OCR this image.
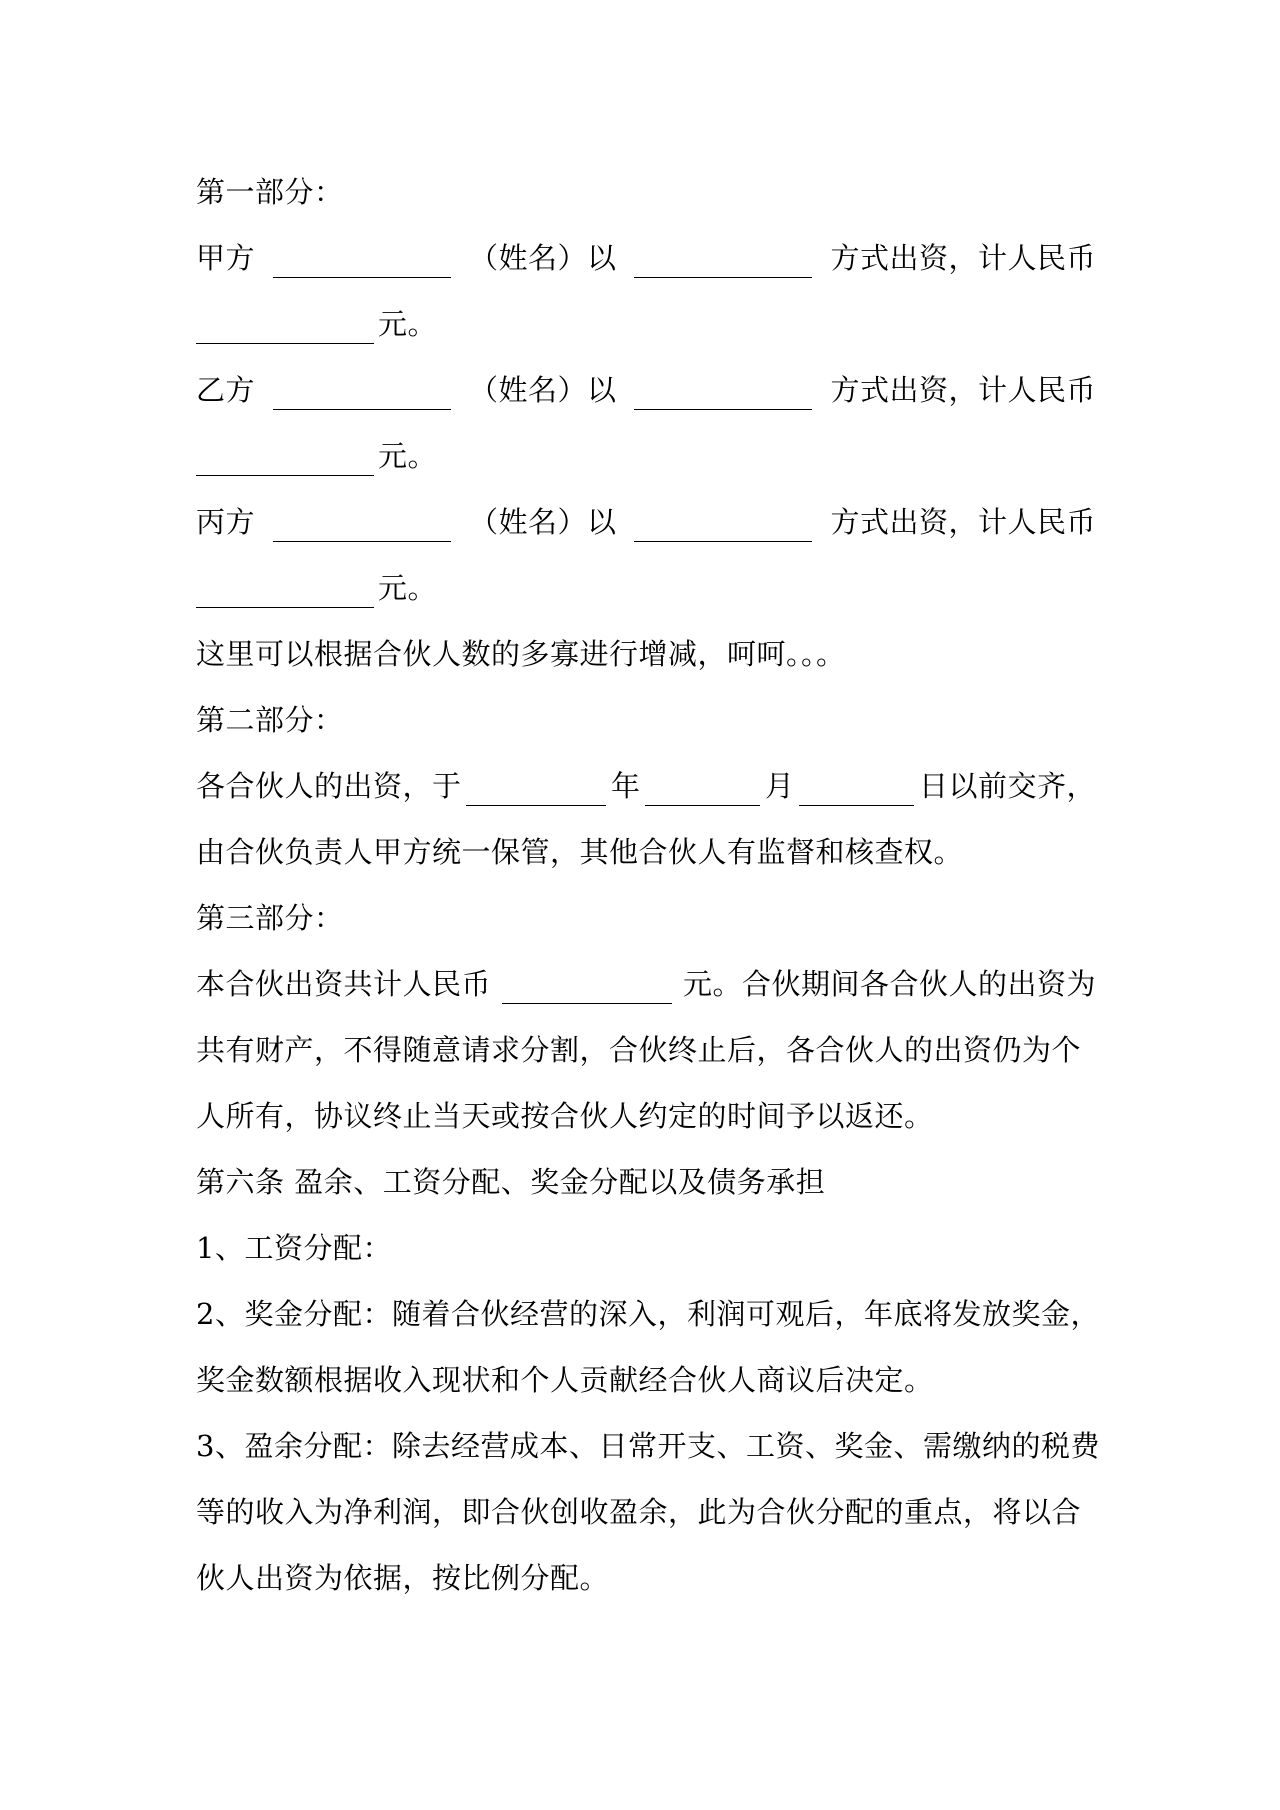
第一部分：
甲方	（姓名）以	方式出资，计人民币
元。
乙方	（姓名）以	方式出资，计人民币
元。
丙方	（姓名）以	方式出资，计人民币
元。
这里可以根据合伙人数的多寡进行增减，呵呵。。。
第二部分：
各合伙人的出资，于	年	月	日以前交齐，
由合伙负责人甲方统一保管，其他合伙人有监督和核查权。
第三部分：
本合伙出资共计人民币	元。合伙期间各合伙人的出资为
共有财产，不得随意请求分割，合伙终止后，各合伙人的出资仍为个
人所有，协议终止当天或按合伙人约定的时间予以返还。
第六条 盈余、工资分配、奖金分配以及债务承担
1、工资分配：
2、奖金分配：随着合伙经营的深入，利润可观后，年底将发放奖金，
奖金数额根据收入现状和个人贡献经合伙人商议后决定。
3、盈余分配：除去经营成本、日常开支、工资、奖金、需缴纳的税费
等的收入为净利润，即合伙创收盈余，此为合伙分配的重点，将以合
伙人出资为依据，按比例分配。
